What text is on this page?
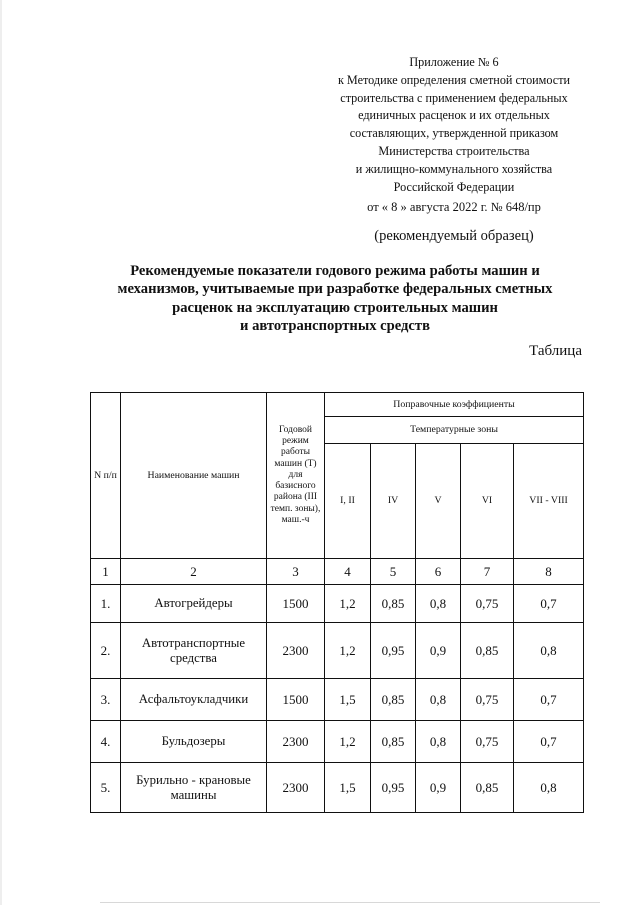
Приложение № 6
к Методике определения сметной стоимости
строительства с применением федеральных
единичных расценок и их отдельных
составляющих, утвержденной приказом
Министерства строительства
и жилищно-коммунального хозяйства
Российской Федерации
от « 8 » августа 2022 г. № 648/пр
(рекомендуемый образец)
Рекомендуемые показатели годового режима работы машин и
механизмов, учитываемые при разработке федеральных сметных
расценок на эксплуатацию строительных машин
и автотранспортных средств
Таблица
N п/п	Наименование машин	Годовой режим работы машин (Т) для базисного района (III темп. зоны), маш.-ч	Поправочные коэффициенты				
			Температурные зоны				
			I, II	IV	V	VI	VII - VIII
1	2	3	4	5	6	7	8
1.	Автогрейдеры	1500	1,2	0,85	0,8	0,75	0,7
2.	Автотранспортные средства	2300	1,2	0,95	0,9	0,85	0,8
3.	Асфальтоукладчики	1500	1,5	0,85	0,8	0,75	0,7
4.	Бульдозеры	2300	1,2	0,85	0,8	0,75	0,7
5.	Бурильно - крановые машины	2300	1,5	0,95	0,9	0,85	0,8
